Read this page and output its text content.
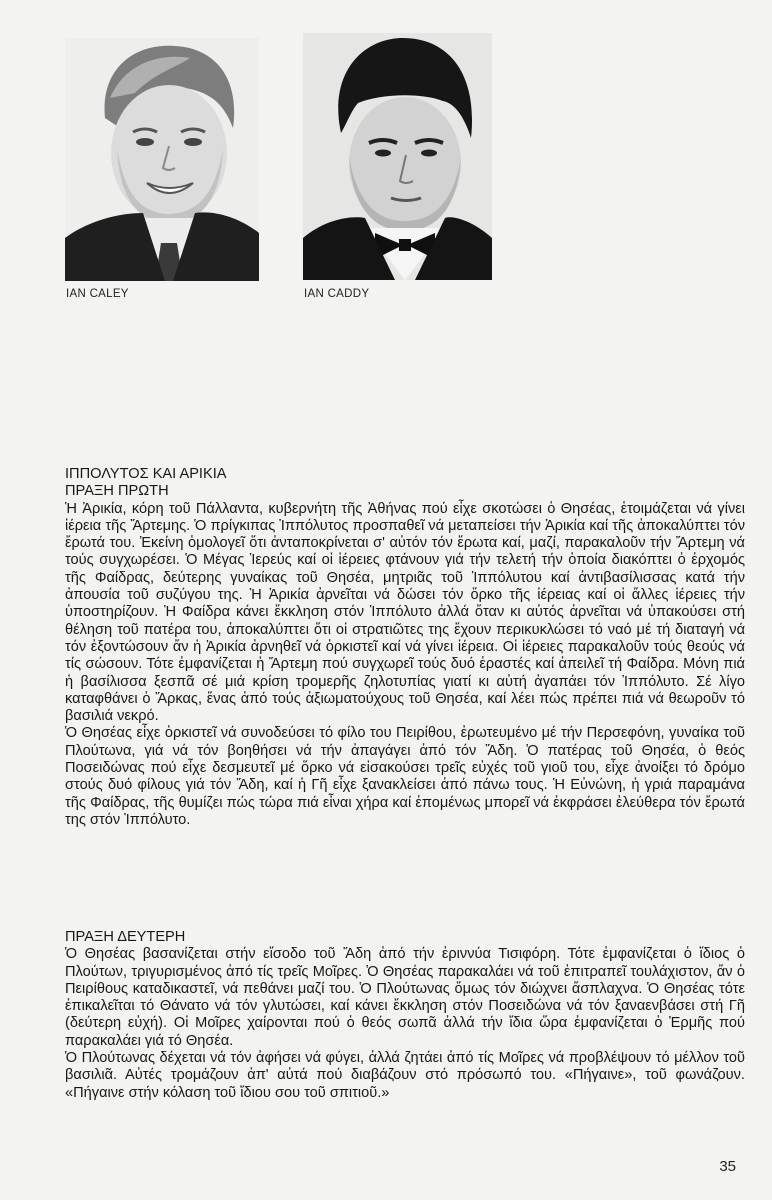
IAN CALEY	IAN CADDY
ΙΠΠΟΛΥΤΟΣ ΚΑΙ ΑΡΙΚΙΑ
ΠΡΑΞΗ ΠΡΩΤΗ

Ἡ Ἀρικία, κόρη τοῦ Πάλλαντα, κυβερνήτη τῆς Ἀθήνας πού εἶχε σκοτώσει ὁ Θησέας, ἑτοιμάζεται νά γίνει ἱέρεια τῆς Ἄρτεμης. Ὁ πρίγκιπας Ἱππόλυτος προσπαθεῖ νά μεταπείσει τήν Ἀρικία καί τῆς ἀποκαλύπτει τόν ἔρωτά του. Ἐκείνη ὁμολογεῖ ὅτι ἀνταποκρίνεται σ' αὐτόν τόν ἔρωτα καί, μαζί, παρακαλοῦν τήν Ἄρτεμη νά τούς συγχωρέσει. Ὁ Μέγας Ἱερεύς καί οἱ ἱέρειες φτάνουν γιά τήν τελετή τήν ὁποία διακόπτει ὁ ἐρχομός τῆς Φαίδρας, δεύτερης γυναίκας τοῦ Θησέα, μητριᾶς τοῦ Ἱππόλυτου καί ἀντιβασίλισσας κατά τήν ἀπουσία τοῦ συζύγου της. Ἡ Ἀρικία ἀρνεῖται νά δώσει τόν ὅρκο τῆς ἱέρειας καί οἱ ἄλλες ἱέρειες τήν ὑποστηρίζουν. Ἡ Φαίδρα κάνει ἔκκληση στόν Ἱππόλυτο ἀλλά ὅταν κι αὐτός ἀρνεῖται νά ὑπακούσει στή θέληση τοῦ πατέρα του, ἀποκαλύπτει ὅτι οἱ στρατιῶτες της ἔχουν περικυκλώσει τό ναό μέ τή διαταγή νά τόν ἐξοντώσουν ἄν ἡ Ἀρικία ἀρνηθεῖ νά ὁρκιστεῖ καί νά γίνει ἱέρεια. Οἱ ἱέρειες παρακαλοῦν τούς θεούς νά τίς σώσουν. Τότε ἐμφανίζεται ἡ Ἄρτεμη πού συγχωρεῖ τούς δυό ἐραστές καί ἀπειλεῖ τή Φαίδρα. Μόνη πιά ἡ βασίλισσα ξεσπᾶ σέ μιά κρίση τρομερῆς ζηλοτυπίας γιατί κι αὐτή ἀγαπάει τόν Ἱππόλυτο. Σέ λίγο καταφθάνει ὁ Ἄρκας, ἕνας ἀπό τούς ἀξιωματούχους τοῦ Θησέα, καί λέει πώς πρέπει πιά νά θεωροῦν τό βασιλιά νεκρό.

Ὁ Θησέας εἶχε ὁρκιστεῖ νά συνοδεύσει τό φίλο του Πειρίθου, ἐρωτευμένο μέ τήν Περσεφόνη, γυναίκα τοῦ Πλούτωνα, γιά νά τόν βοηθήσει νά τήν ἀπαγάγει ἀπό τόν Ἄδη. Ὁ πατέρας τοῦ Θησέα, ὁ θεός Ποσειδώνας πού εἶχε δεσμευτεῖ μέ ὅρκο νά εἰσακούσει τρεῖς εὐχές τοῦ γιοῦ του, εἶχε ἀνοίξει τό δρόμο στούς δυό φίλους γιά τόν Ἄδη, καί ἡ Γῆ εἶχε ξανακλείσει ἀπό πάνω τους. Ἡ Εὐνώνη, ἡ γριά παραμάνα τῆς Φαίδρας, τῆς θυμίζει πώς τώρα πιά εἶναι χήρα καί ἑπομένως μπορεῖ νά ἐκφράσει ἐλεύθερα τόν ἔρωτά της στόν Ἱππόλυτο.

ΠΡΑΞΗ ΔΕΥΤΕΡΗ

Ὁ Θησέας βασανίζεται στήν εἴσοδο τοῦ Ἄδη ἀπό τήν ἐριννύα Τισιφόρη. Τότε ἐμφανίζεται ὁ ἴδιος ὁ Πλούτων, τριγυρισμένος ἀπό τίς τρεῖς Μοῖρες. Ὁ Θησέας παρακαλάει νά τοῦ ἐπιτραπεῖ τουλάχιστον, ἄν ὁ Πειρίθους καταδικαστεῖ, νά πεθάνει μαζί του. Ὁ Πλούτωνας ὅμως τόν διώχνει ἄσπλαχνα. Ὁ Θησέας τότε ἐπικαλεῖται τό Θάνατο νά τόν γλυτώσει, καί κάνει ἔκκληση στόν Ποσειδώνα νά τόν ξαναενβάσει στή Γῆ (δεύτερη εὐχή). Οἱ Μοῖρες χαίρονται πού ὁ θεός σωπᾶ ἀλλά τήν ἴδια ὥρα ἐμφανίζεται ὁ Ἑρμῆς πού παρακαλάει γιά τό Θησέα.

Ὁ Πλούτωνας δέχεται νά τόν ἀφήσει νά φύγει, ἀλλά ζητάει ἀπό τίς Μοῖρες νά προβλέψουν τό μέλλον τοῦ βασιλιᾶ. Αὐτές τρομάζουν ἀπ' αὐτά πού διαβάζουν στό πρόσωπό του. «Πήγαινε», τοῦ φωνάζουν. «Πήγαινε στήν κόλαση τοῦ ἴδιου σου τοῦ σπιτιοῦ.»

35
